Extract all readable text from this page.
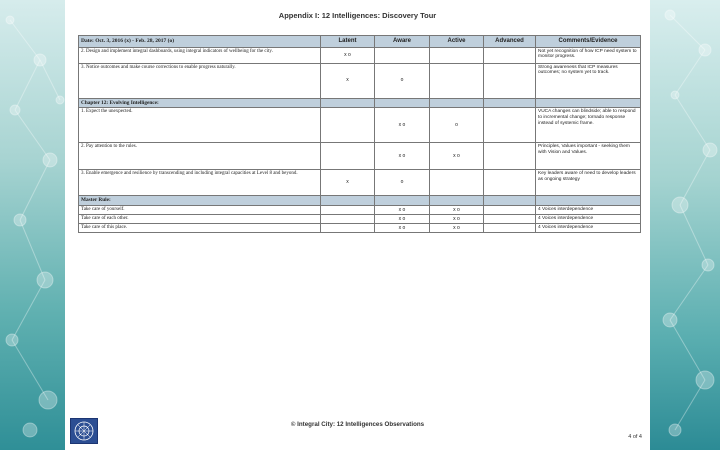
Appendix I: 12 Intelligences: Discovery Tour
Date: Oct. 3, 2016 (x) - Feb. 28, 2017 (o)	Latent	Aware	Active	Advanced	Comments/Evidence
2. Design and implement integral dashboards, using integral indicators of wellbeing for the city.	x o				Not yet recognition of how ICP need system to monitor progress.
3. Notice outcomes and make course corrections to enable progress naturally.	x	o			Strong awareness that ICP measures outcomes; no system yet to track.
Chapter 12: Evolving Intelligence:					
1. Expect the unexpected.		x o	o		VUCA changes can blindside; able to respond to incremental change; tornado response instead of systemic frame.
2. Pay attention to the rules.		x o	x o		Principles, Values important - seeking them with Vision and Values.
3. Enable emergence and resilience by transcending and including integral capacities at Level 8 and beyond.	x	o			Key leaders aware of need to develop leaders as ongoing strategy
Master Rule:					
Take care of yourself.		x o	x o		4 Voices interdependence
Take care of each other.		x o	x o		4 Voices interdependence
Take care of this place.		x o	x o		4 Voices interdependence
© Integral City: 12 Intelligences Observations
4 of 4
